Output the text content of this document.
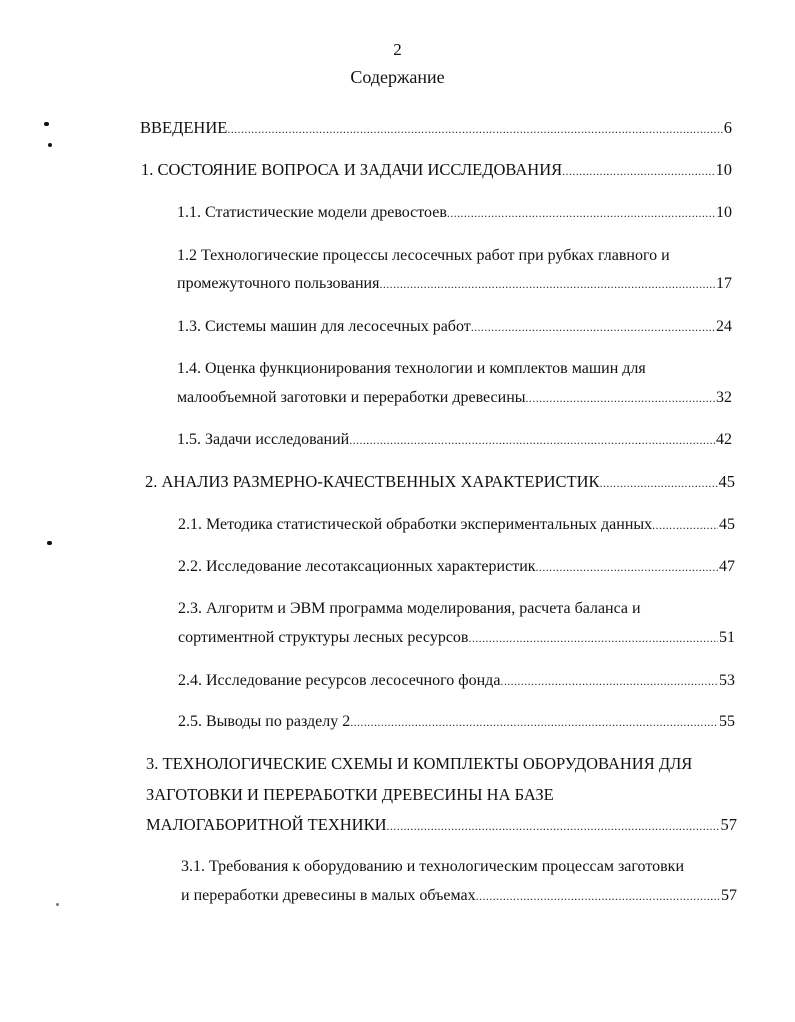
2
Содержание
ВВЕДЕНИЕ .....	6
1. СОСТОЯНИЕ ВОПРОСА И ЗАДАЧИ ИССЛЕДОВАНИЯ .....	10
1.1. Статистические модели древостоев .....	10
1.2 Технологические процессы лесосечных работ при рубках главного и
промежуточного пользования .....	17
1.3. Системы машин для лесосечных работ .....	24
1.4. Оценка функционирования технологии и комплектов машин для
малообъемной заготовки и переработки древесины .....	32
1.5. Задачи исследований .....	42
2. АНАЛИЗ РАЗМЕРНО-КАЧЕСТВЕННЫХ ХАРАКТЕРИСТИК .....	45
2.1. Методика статистической обработки экспериментальных данных .....	45
2.2. Исследование лесотаксационных характеристик .....	47
2.3. Алгоритм и ЭВМ программа моделирования, расчета баланса и
сортиментной структуры лесных ресурсов .....	51
2.4. Исследование ресурсов лесосечного фонда .....	53
2.5. Выводы по разделу 2 .....	55
3. ТЕХНОЛОГИЧЕСКИЕ СХЕМЫ И КОМПЛЕКТЫ ОБОРУДОВАНИЯ ДЛЯ
ЗАГОТОВКИ И ПЕРЕРАБОТКИ ДРЕВЕСИНЫ НА БАЗЕ
МАЛОГАБОРИТНОЙ ТЕХНИКИ .....	57
3.1. Требования к оборудованию и технологическим процессам заготовки
и переработки древесины в малых объемах .....	57
